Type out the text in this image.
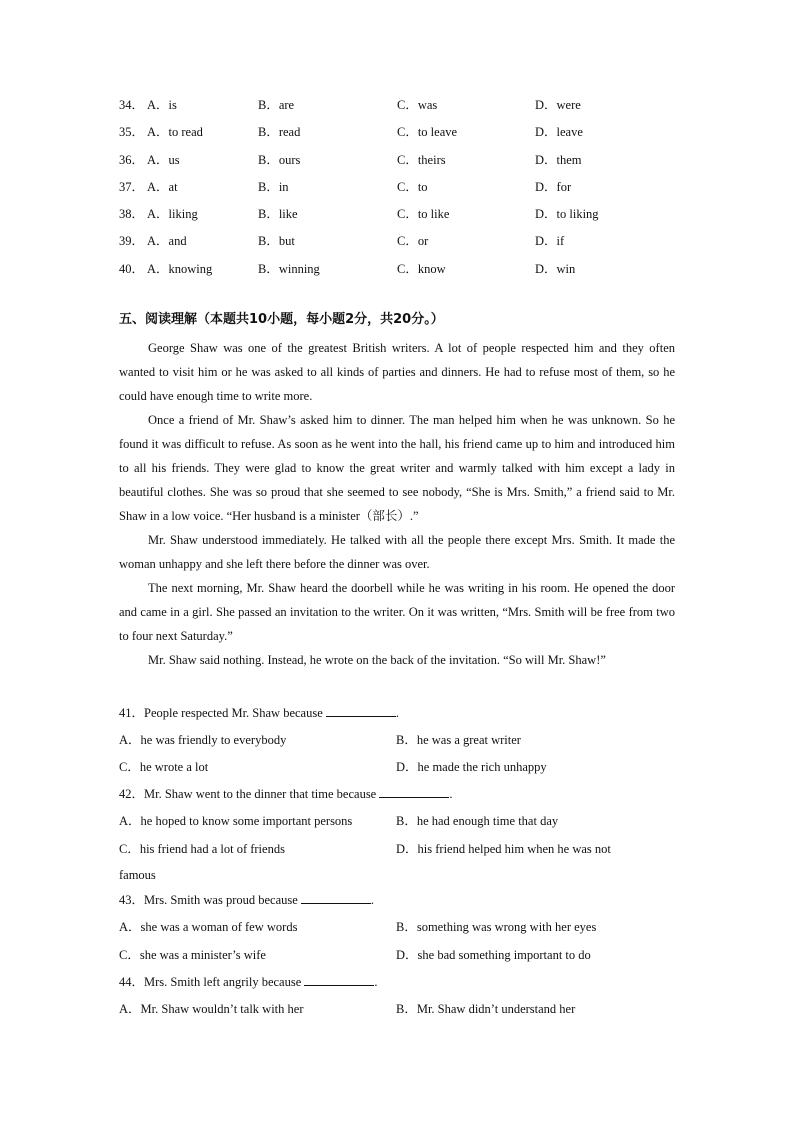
五、阅读理解（本题共10小题，每小题2分，共20分。）

George Shaw was one of the greatest British writers. A lot of people respected him and they often wanted to visit him or he was asked to all kinds of parties and dinners. He had to refuse most of them, so he could have enough time to write more.

Once a friend of Mr. Shaw’s asked him to dinner. The man helped him when he was unknown. So he found it was difficult to refuse. As soon as he went into the hall, his friend came up to him and introduced him to all his friends. They were glad to know the great writer and warmly talked with him except a lady in beautiful clothes. She was so proud that she seemed to see nobody, “She is Mrs. Smith,” a friend said to Mr. Shaw in a low voice. “Her husband is a minister（部长）.”

Mr. Shaw understood immediately. He talked with all the people there except Mrs. Smith. It made the woman unhappy and she left there before the dinner was over.

The next morning, Mr. Shaw heard the doorbell while he was writing in his room. He opened the door and came in a girl. She passed an invitation to the writer. On it was written, “Mrs. Smith will be free from two to four next Saturday.”

Mr. Shaw said nothing. Instead, he wrote on the back of the invitation. “So will Mr. Shaw!”

41．People respected Mr. Shaw because	.
A．he was friendly to everybody	B．he was a great writer
C．he wrote a lot	D．he made the rich unhappy
42．Mr. Shaw went to the dinner that time because	.
A．he hoped to know some important persons	B．he had enough time that day
C．his friend had a lot of friends	D．his friend helped him when he was not
famous
43．Mrs. Smith was proud because	.
A．she was a woman of few words	B．something was wrong with her eyes
C．she was a minister’s wife	D．she bad something important to do
44．Mrs. Smith left angrily because	.
A．Mr. Shaw wouldn’t talk with her	B．Mr. Shaw didn’t understand her
34． A．is	B．are	C．was	D．were
35． A．to read	B．read	C．to leave	D．leave
36． A．us	B．ours	C．theirs	D．them
37． A．at	B．in	C．to	D．for
38． A．liking	B．like	C．to like	D．to liking
39． A．and	B．but	C．or	D．if
40． A．knowing	B．winning	C．know	D．win
